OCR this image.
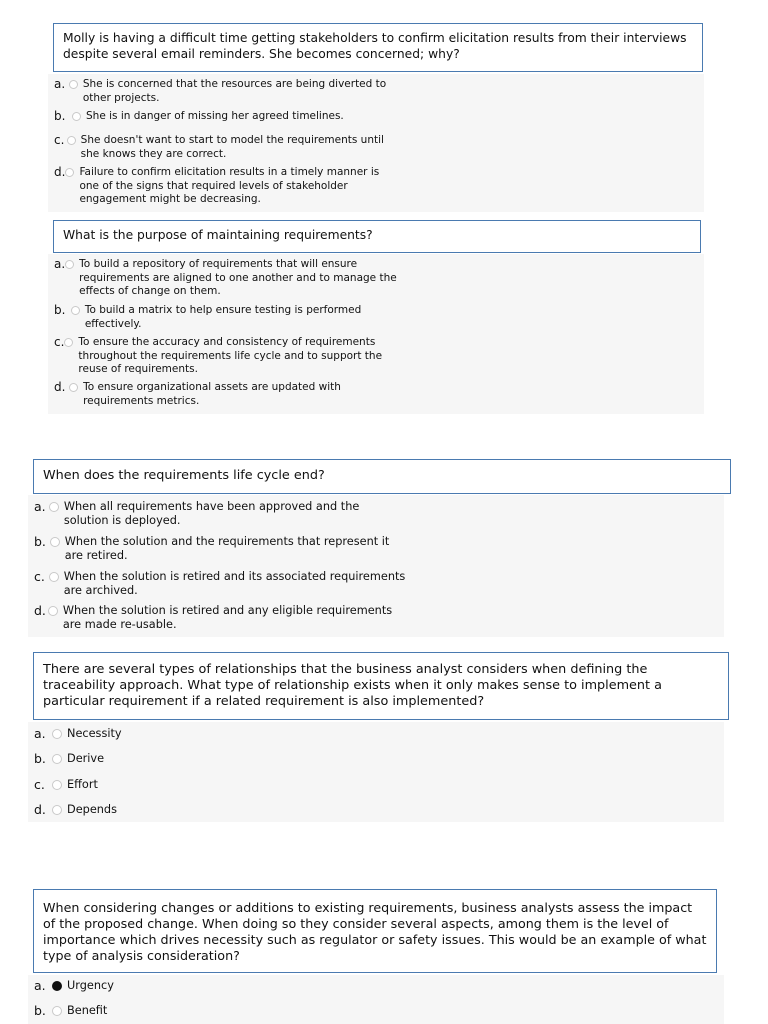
Molly is having a difficult time getting stakeholders to confirm elicitation results from their interviews despite several email reminders. She becomes concerned; why?
a.	She is concerned that the resources are being diverted to other projects.
b.	She is in danger of missing her agreed timelines.
c. She doesn't want to start to model the requirements until she knows they are correct.
d. Failure to confirm elicitation results in a timely manner is one of the signs that required levels of stakeholder engagement might be decreasing.
What is the purpose of maintaining requirements?
a. To build a repository of requirements that will ensure requirements are aligned to one another and to manage the effects of change on them.
b.	To build a matrix to help ensure testing is performed effectively.
c. To ensure the accuracy and consistency of requirements throughout the requirements life cycle and to support the reuse of requirements.
d.	To ensure organizational assets are updated with requirements metrics.
When does the requirements life cycle end?
a. When all requirements have been approved and the solution is deployed.
b.	When the solution and the requirements that represent it are retired.
c.	When the solution is retired and its associated requirements are archived.
d. When the solution is retired and any eligible requirements are made re-usable.
There are several types of relationships that the business analyst considers when defining the traceability approach. What type of relationship exists when it only makes sense to implement a particular requirement if a related requirement is also implemented?
a.	Necessity
b.	Derive
c.	Effort
d.	Depends
When considering changes or additions to existing requirements, business analysts assess the impact of the proposed change. When doing so they consider several aspects, among them is the level of importance which drives necessity such as regulator or safety issues. This would be an example of what type of analysis consideration?
a.	Urgency
b.	Benefit
